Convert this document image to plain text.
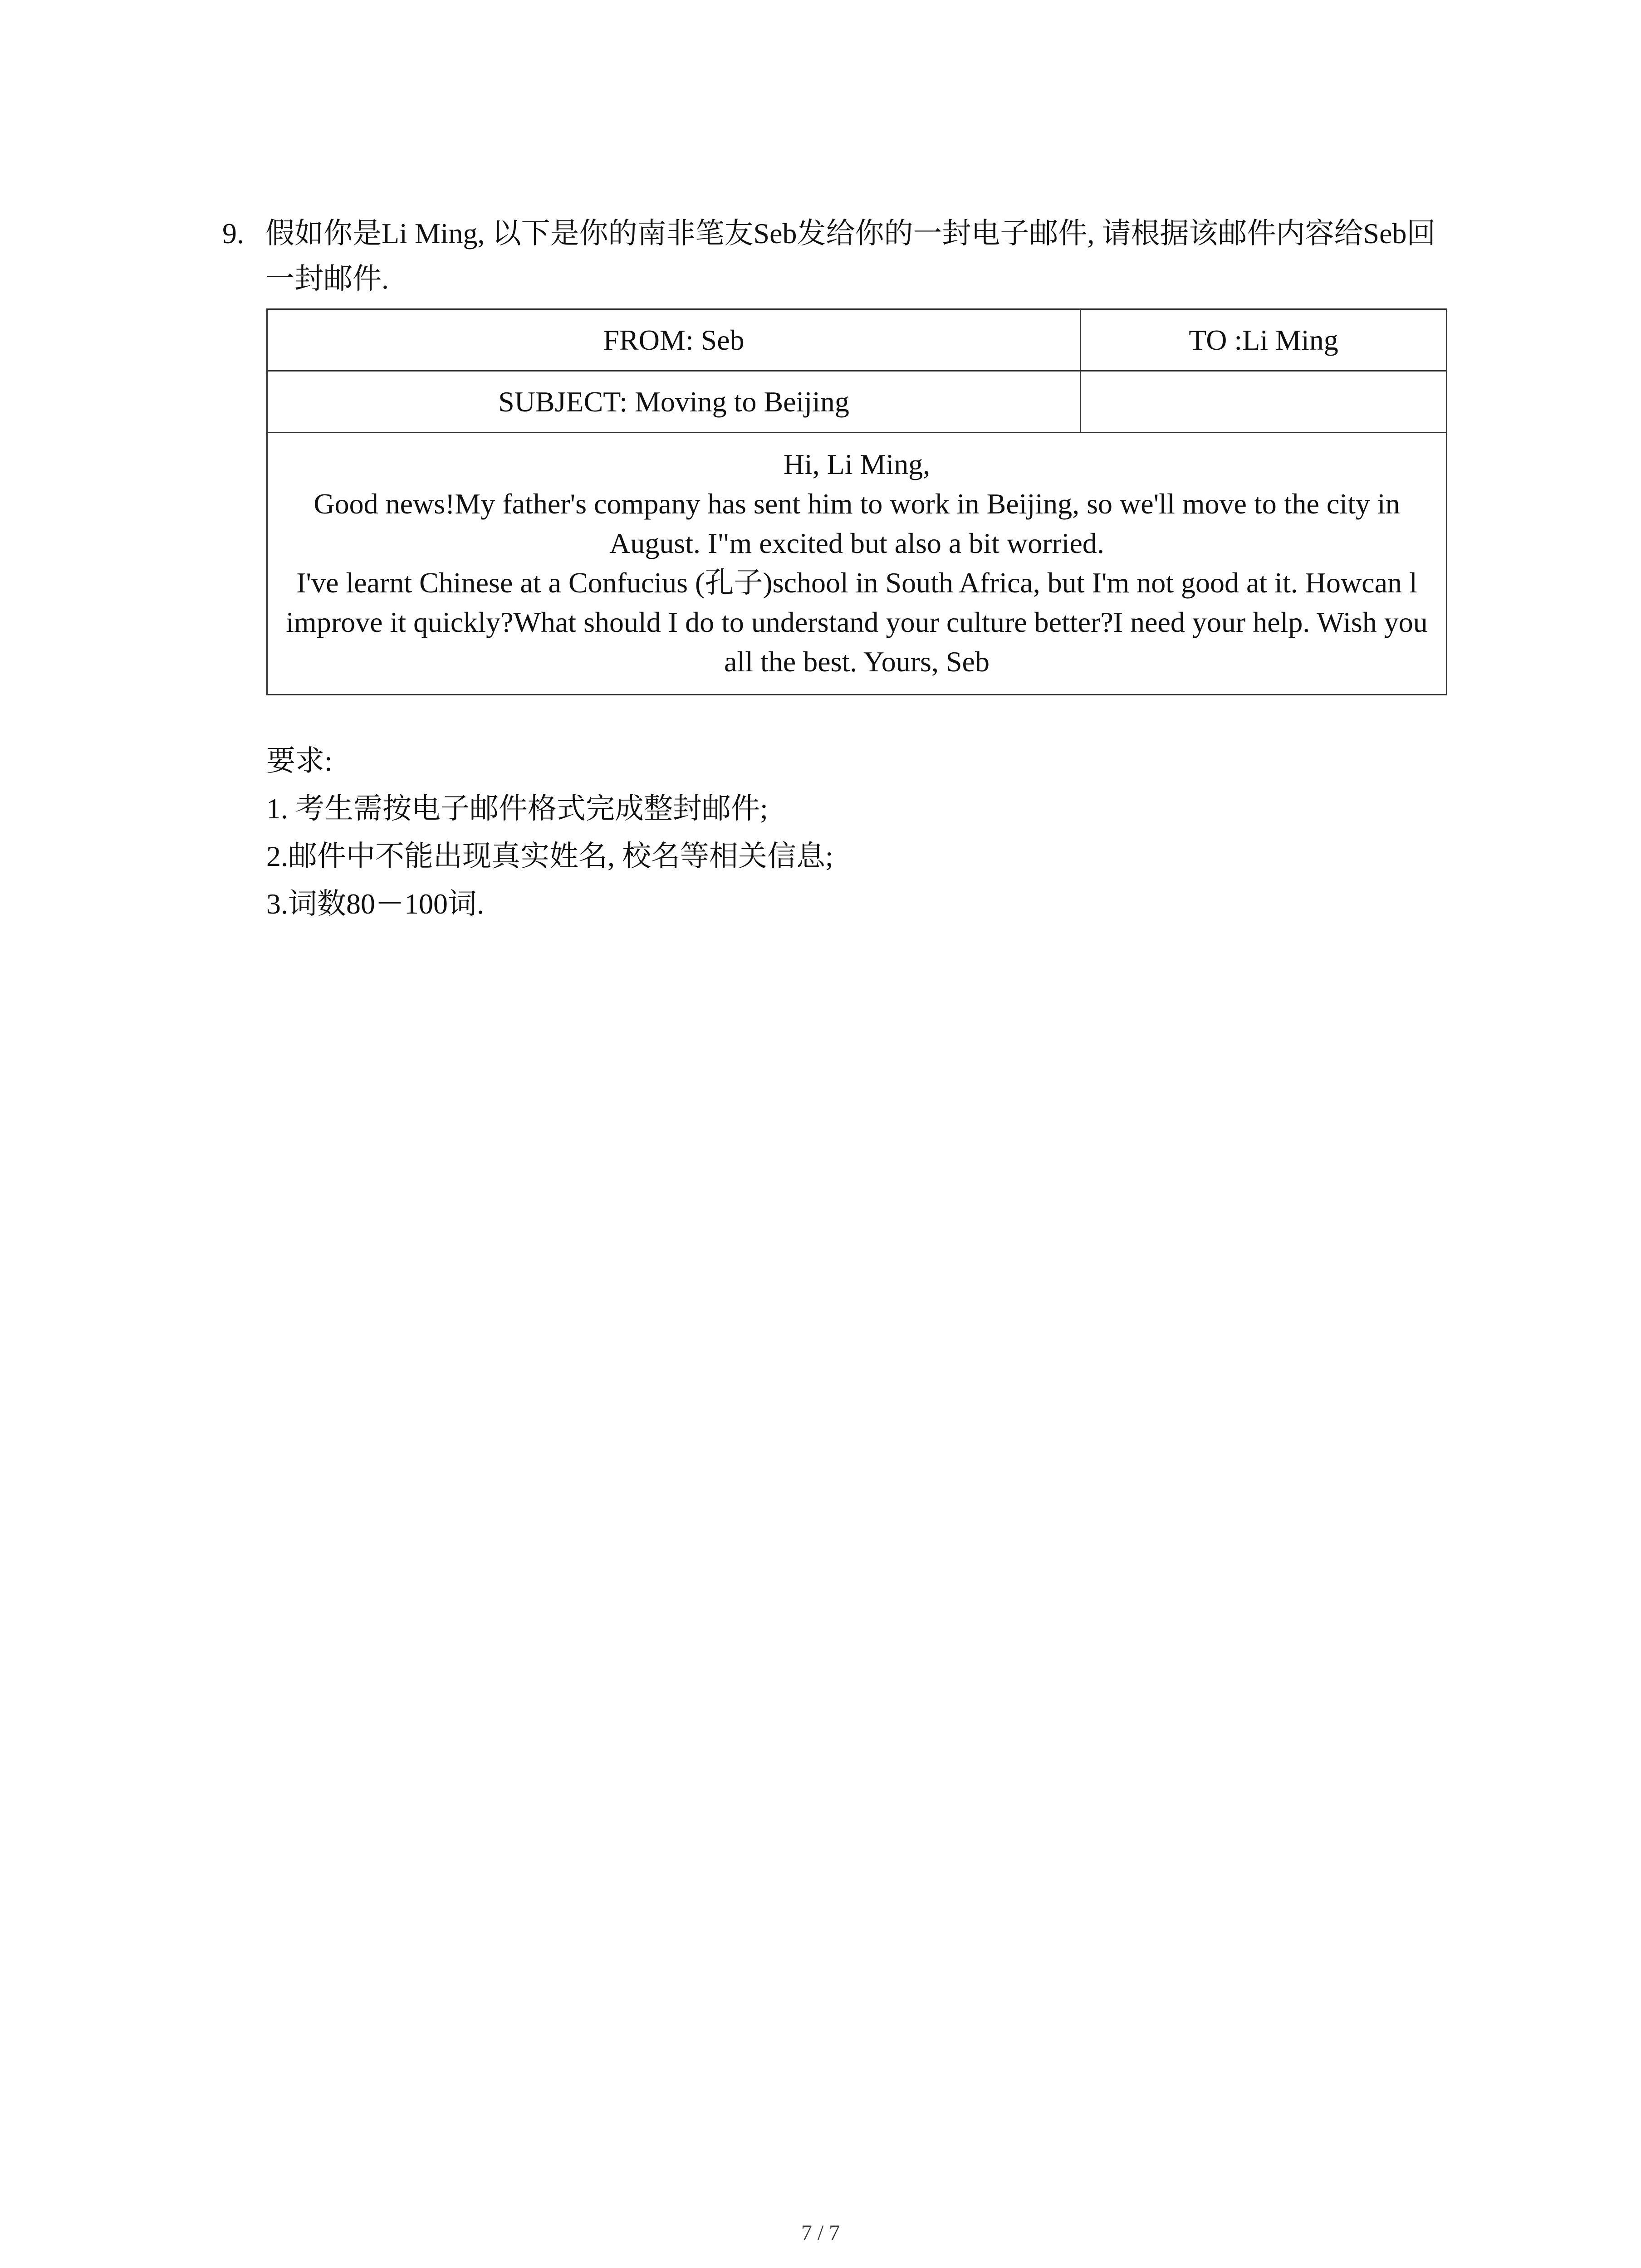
9. 假如你是Li Ming, 以下是你的南非笔友Seb发给你的一封电子邮件, 请根据该邮件内容给Seb回一封邮件.
FROM: Seb	TO :Li Ming
SUBJECT: Moving to Beijing	

Hi, Li Ming,
Good news!My father's company has sent him to work in Beijing, so we'll move to the city in August. I"m excited but also a bit worried.
I've learnt Chinese at a Confucius (孔子)school in South Africa, but I'm not good at it. Howcan l improve it quickly?What should I do to understand your culture better?I need your help. Wish you all the best. Yours, Seb	
要求:
1. 考生需按电子邮件格式完成整封邮件;
2.邮件中不能出现真实姓名, 校名等相关信息;
3.词数80－100词.
7 / 7
